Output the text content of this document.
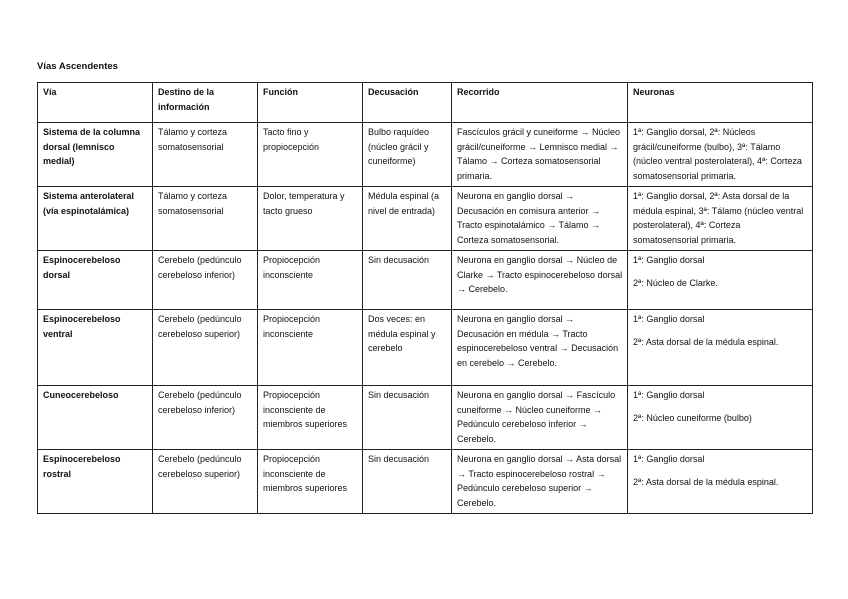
Vías Ascendentes
Vía	Destino de la información	Función	Decusación	Recorrido	Neuronas
Sistema de la columna dorsal (lemnisco medial)	Tálamo y corteza somatosensorial	Tacto fino y propiocepción	Bulbo raquídeo (núcleo grácil y cuneiforme)	Fascículos grácil y cuneiforme → Núcleo grácil/cuneiforme → Lemnisco medial → Tálamo → Corteza somatosensorial primaria.	1ª: Ganglio dorsal, 2ª: Núcleos grácil/cuneiforme (bulbo), 3ª: Tálamo (núcleo ventral posterolateral), 4ª: Corteza somatosensorial primaria.

Sistema anterolateral (vía espinotalámica)	Tálamo y corteza somatosensorial	Dolor, temperatura y tacto grueso	Médula espinal (a nivel de entrada)	Neurona en ganglio dorsal → Decusación en comisura anterior → Tracto espinotalámico → Tálamo → Corteza somatosensorial.	1ª: Ganglio dorsal, 2ª: Asta dorsal de la médula espinal, 3ª: Tálamo (núcleo ventral posterolateral), 4ª: Corteza somatosensorial primaria.

Espinocerebeloso dorsal	Cerebelo (pedúnculo cerebeloso inferior)	Propiocepción inconsciente	Sin decusación	Neurona en ganglio dorsal → Núcleo de Clarke → Tracto espinocerebeloso dorsal → Cerebelo.	1ª: Ganglio dorsal
2ª: Núcleo de Clarke.

Espinocerebeloso ventral	Cerebelo (pedúnculo cerebeloso superior)	Propiocepción inconsciente	Dos veces: en médula espinal y cerebelo	Neurona en ganglio dorsal → Decusación en médula → Tracto espinocerebeloso ventral → Decusación en cerebelo → Cerebelo.	1ª: Ganglio dorsal
2ª: Asta dorsal de la médula espinal.

Cuneocerebeloso	Cerebelo (pedúnculo cerebeloso inferior)	Propiocepción inconsciente de miembros superiores	Sin decusación	Neurona en ganglio dorsal → Fascículo cuneiforme → Núcleo cuneiforme → Pedúnculo cerebeloso inferior → Cerebelo.	1ª: Ganglio dorsal
2ª: Núcleo cuneiforme (bulbo)

Espinocerebeloso rostral	Cerebelo (pedúnculo cerebeloso superior)	Propiocepción inconsciente de miembros superiores	Sin decusación	Neurona en ganglio dorsal → Asta dorsal → Tracto espinocerebeloso rostral → Pedúnculo cerebeloso superior → Cerebelo.	1ª: Ganglio dorsal
2ª: Asta dorsal de la médula espinal.
